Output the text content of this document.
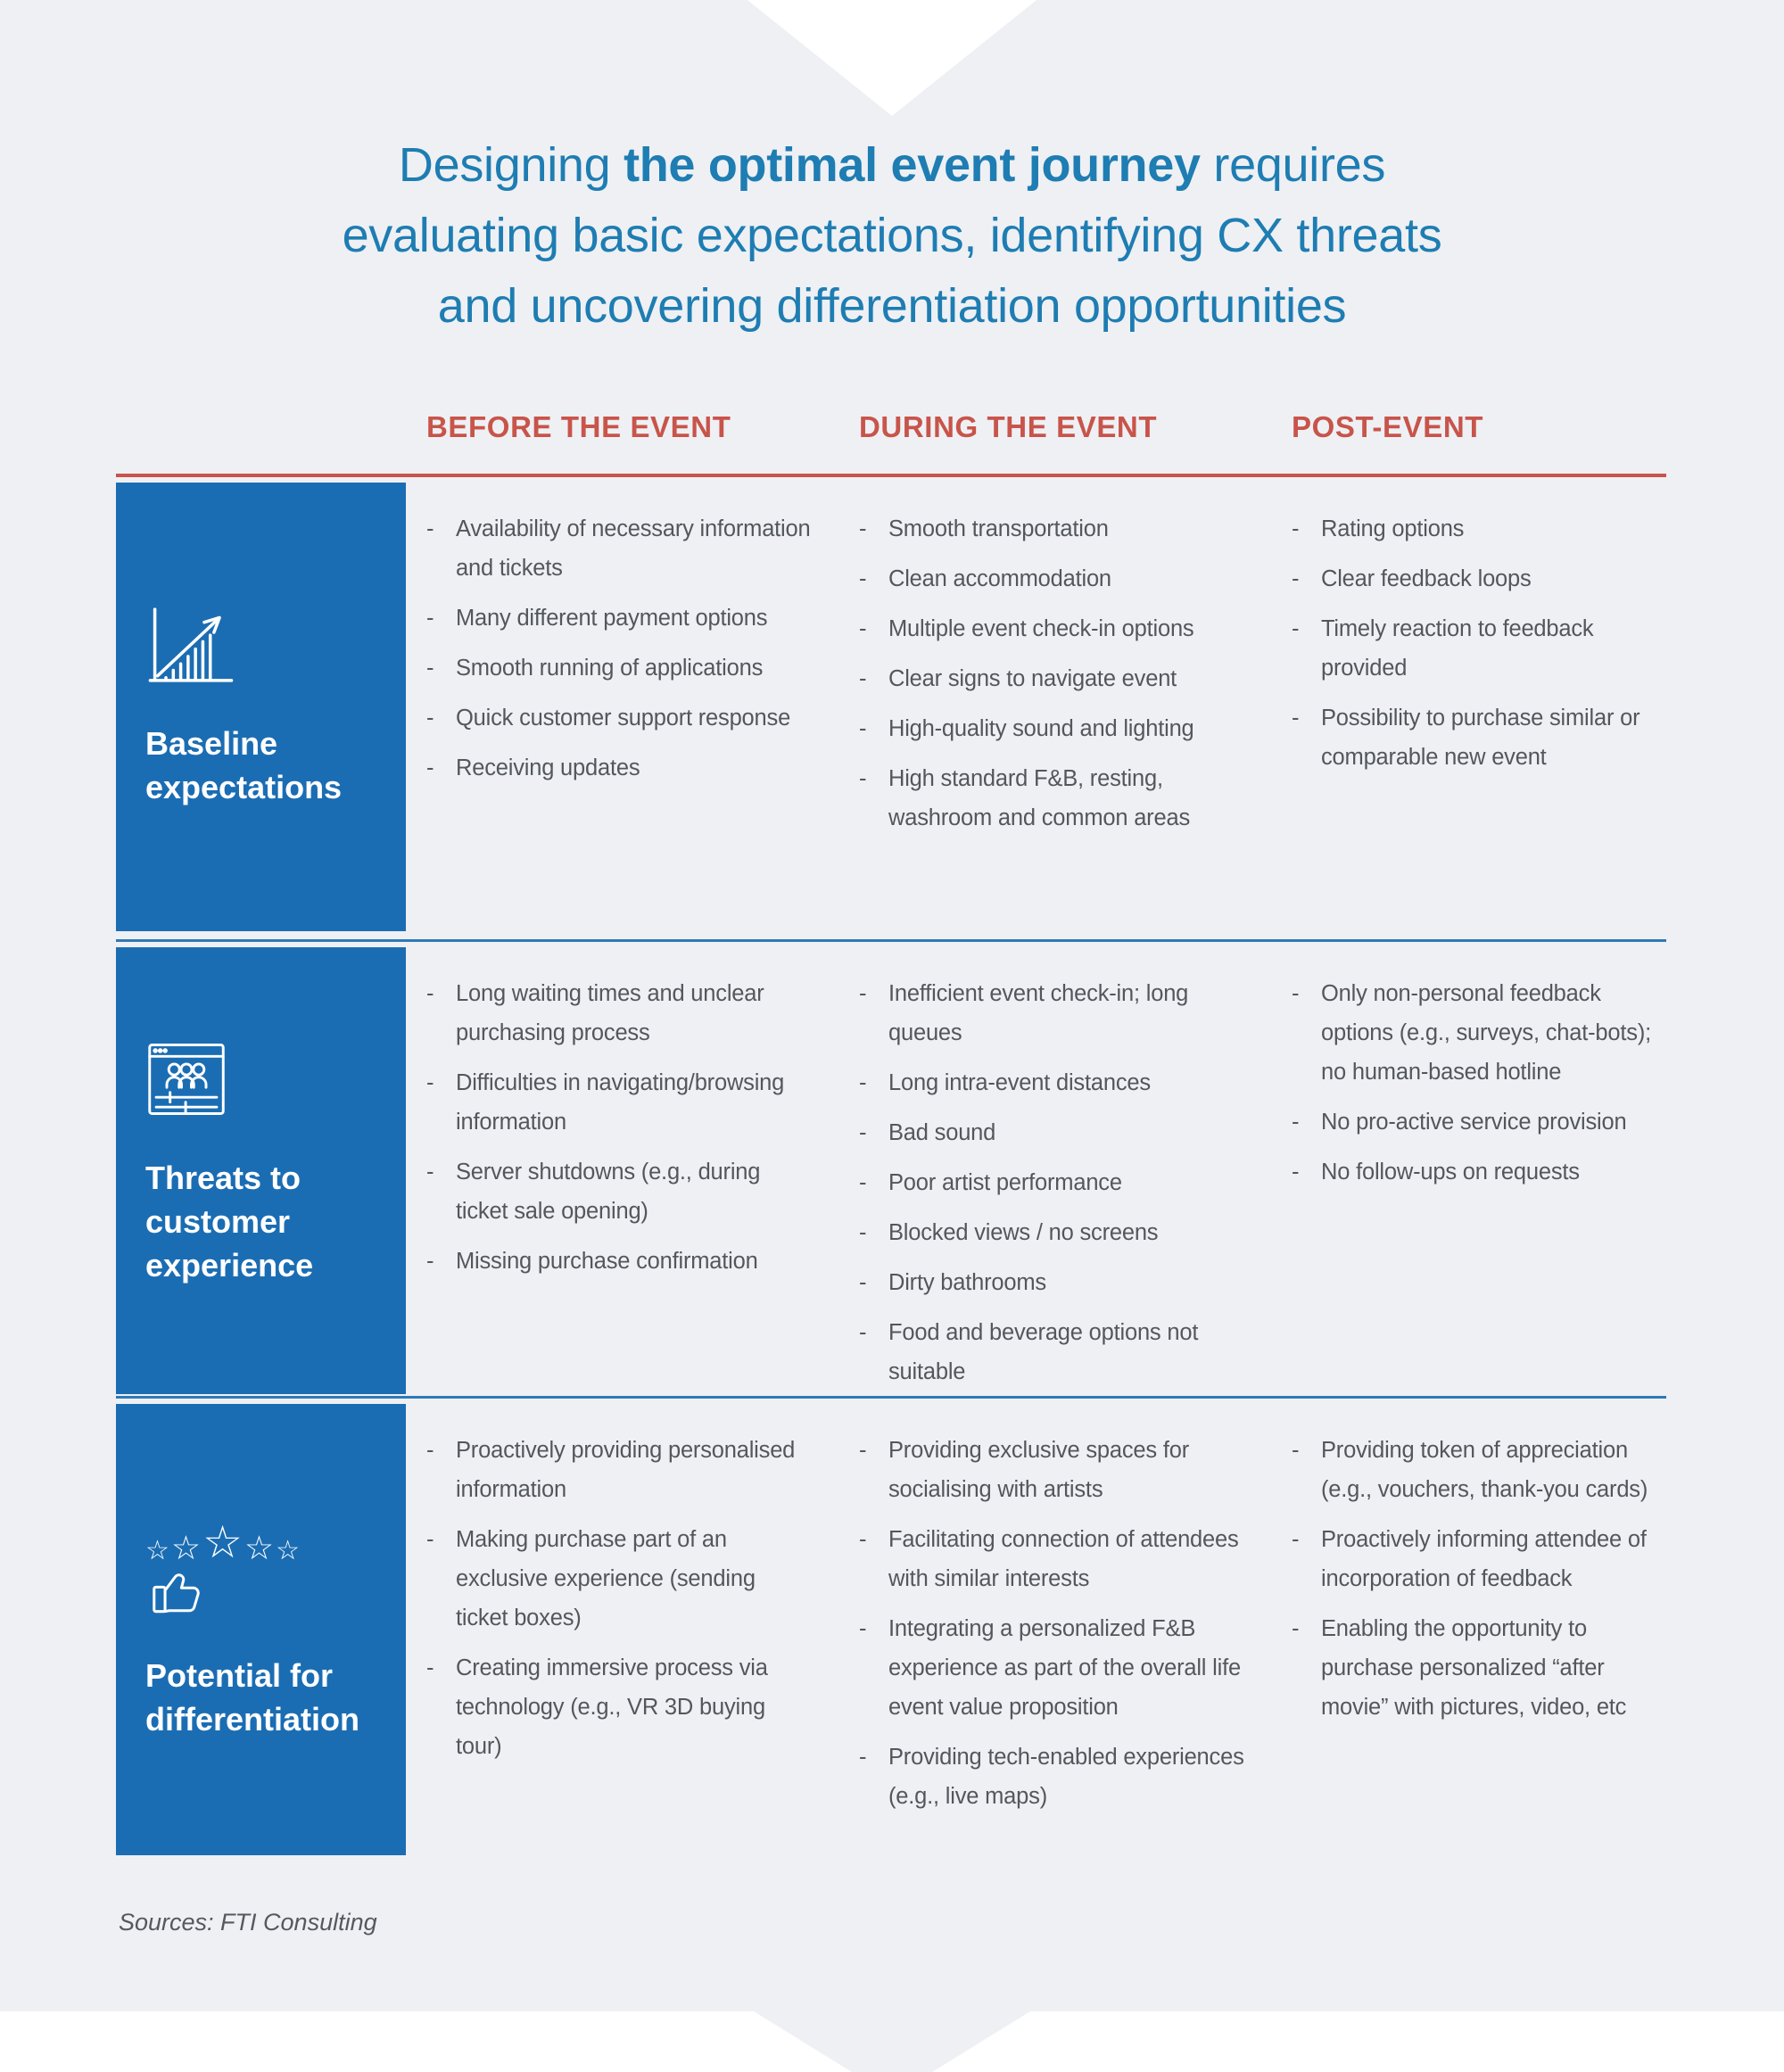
Designing the optimal event journey requires
evaluating basic expectations, identifying CX threats
and uncovering differentiation opportunities
BEFORE THE EVENT	DURING THE EVENT	POST-EVENT
Baseline expectations
- Availability of necessary information and tickets
- Many different payment options
- Smooth running of applications
- Quick customer support response
- Receiving updates
- Smooth transportation
- Clean accommodation
- Multiple event check-in options
- Clear signs to navigate event
- High-quality sound and lighting
- High standard F&B, resting, washroom and common areas
- Rating options
- Clear feedback loops
- Timely reaction to feedback provided
- Possibility to purchase similar or comparable new event
Threats to customer experience
- Long waiting times and unclear purchasing process
- Difficulties in navigating/browsing information
- Server shutdowns (e.g., during ticket sale opening)
- Missing purchase confirmation
- Inefficient event check-in; long queues
- Long intra-event distances
- Bad sound
- Poor artist performance
- Blocked views / no screens
- Dirty bathrooms
- Food and beverage options not suitable
- Only non-personal feedback options (e.g., surveys, chat-bots); no human-based hotline
- No pro-active service provision
- No follow-ups on requests
☆
☆
☆
☆
☆
Potential for differentiation
- Proactively providing personalised information
- Making purchase part of an exclusive experience (sending ticket boxes)
- Creating immersive process via technology (e.g., VR 3D buying tour)
- Providing exclusive spaces for socialising with artists
- Facilitating connection of attendees with similar interests
- Integrating a personalized F&B experience as part of the overall life event value proposition
- Providing tech-enabled experiences (e.g., live maps)
- Providing token of appreciation (e.g., vouchers, thank-you cards)
- Proactively informing attendee of incorporation of feedback
- Enabling the opportunity to purchase personalized “after movie” with pictures, video, etc
Sources: FTI Consulting
